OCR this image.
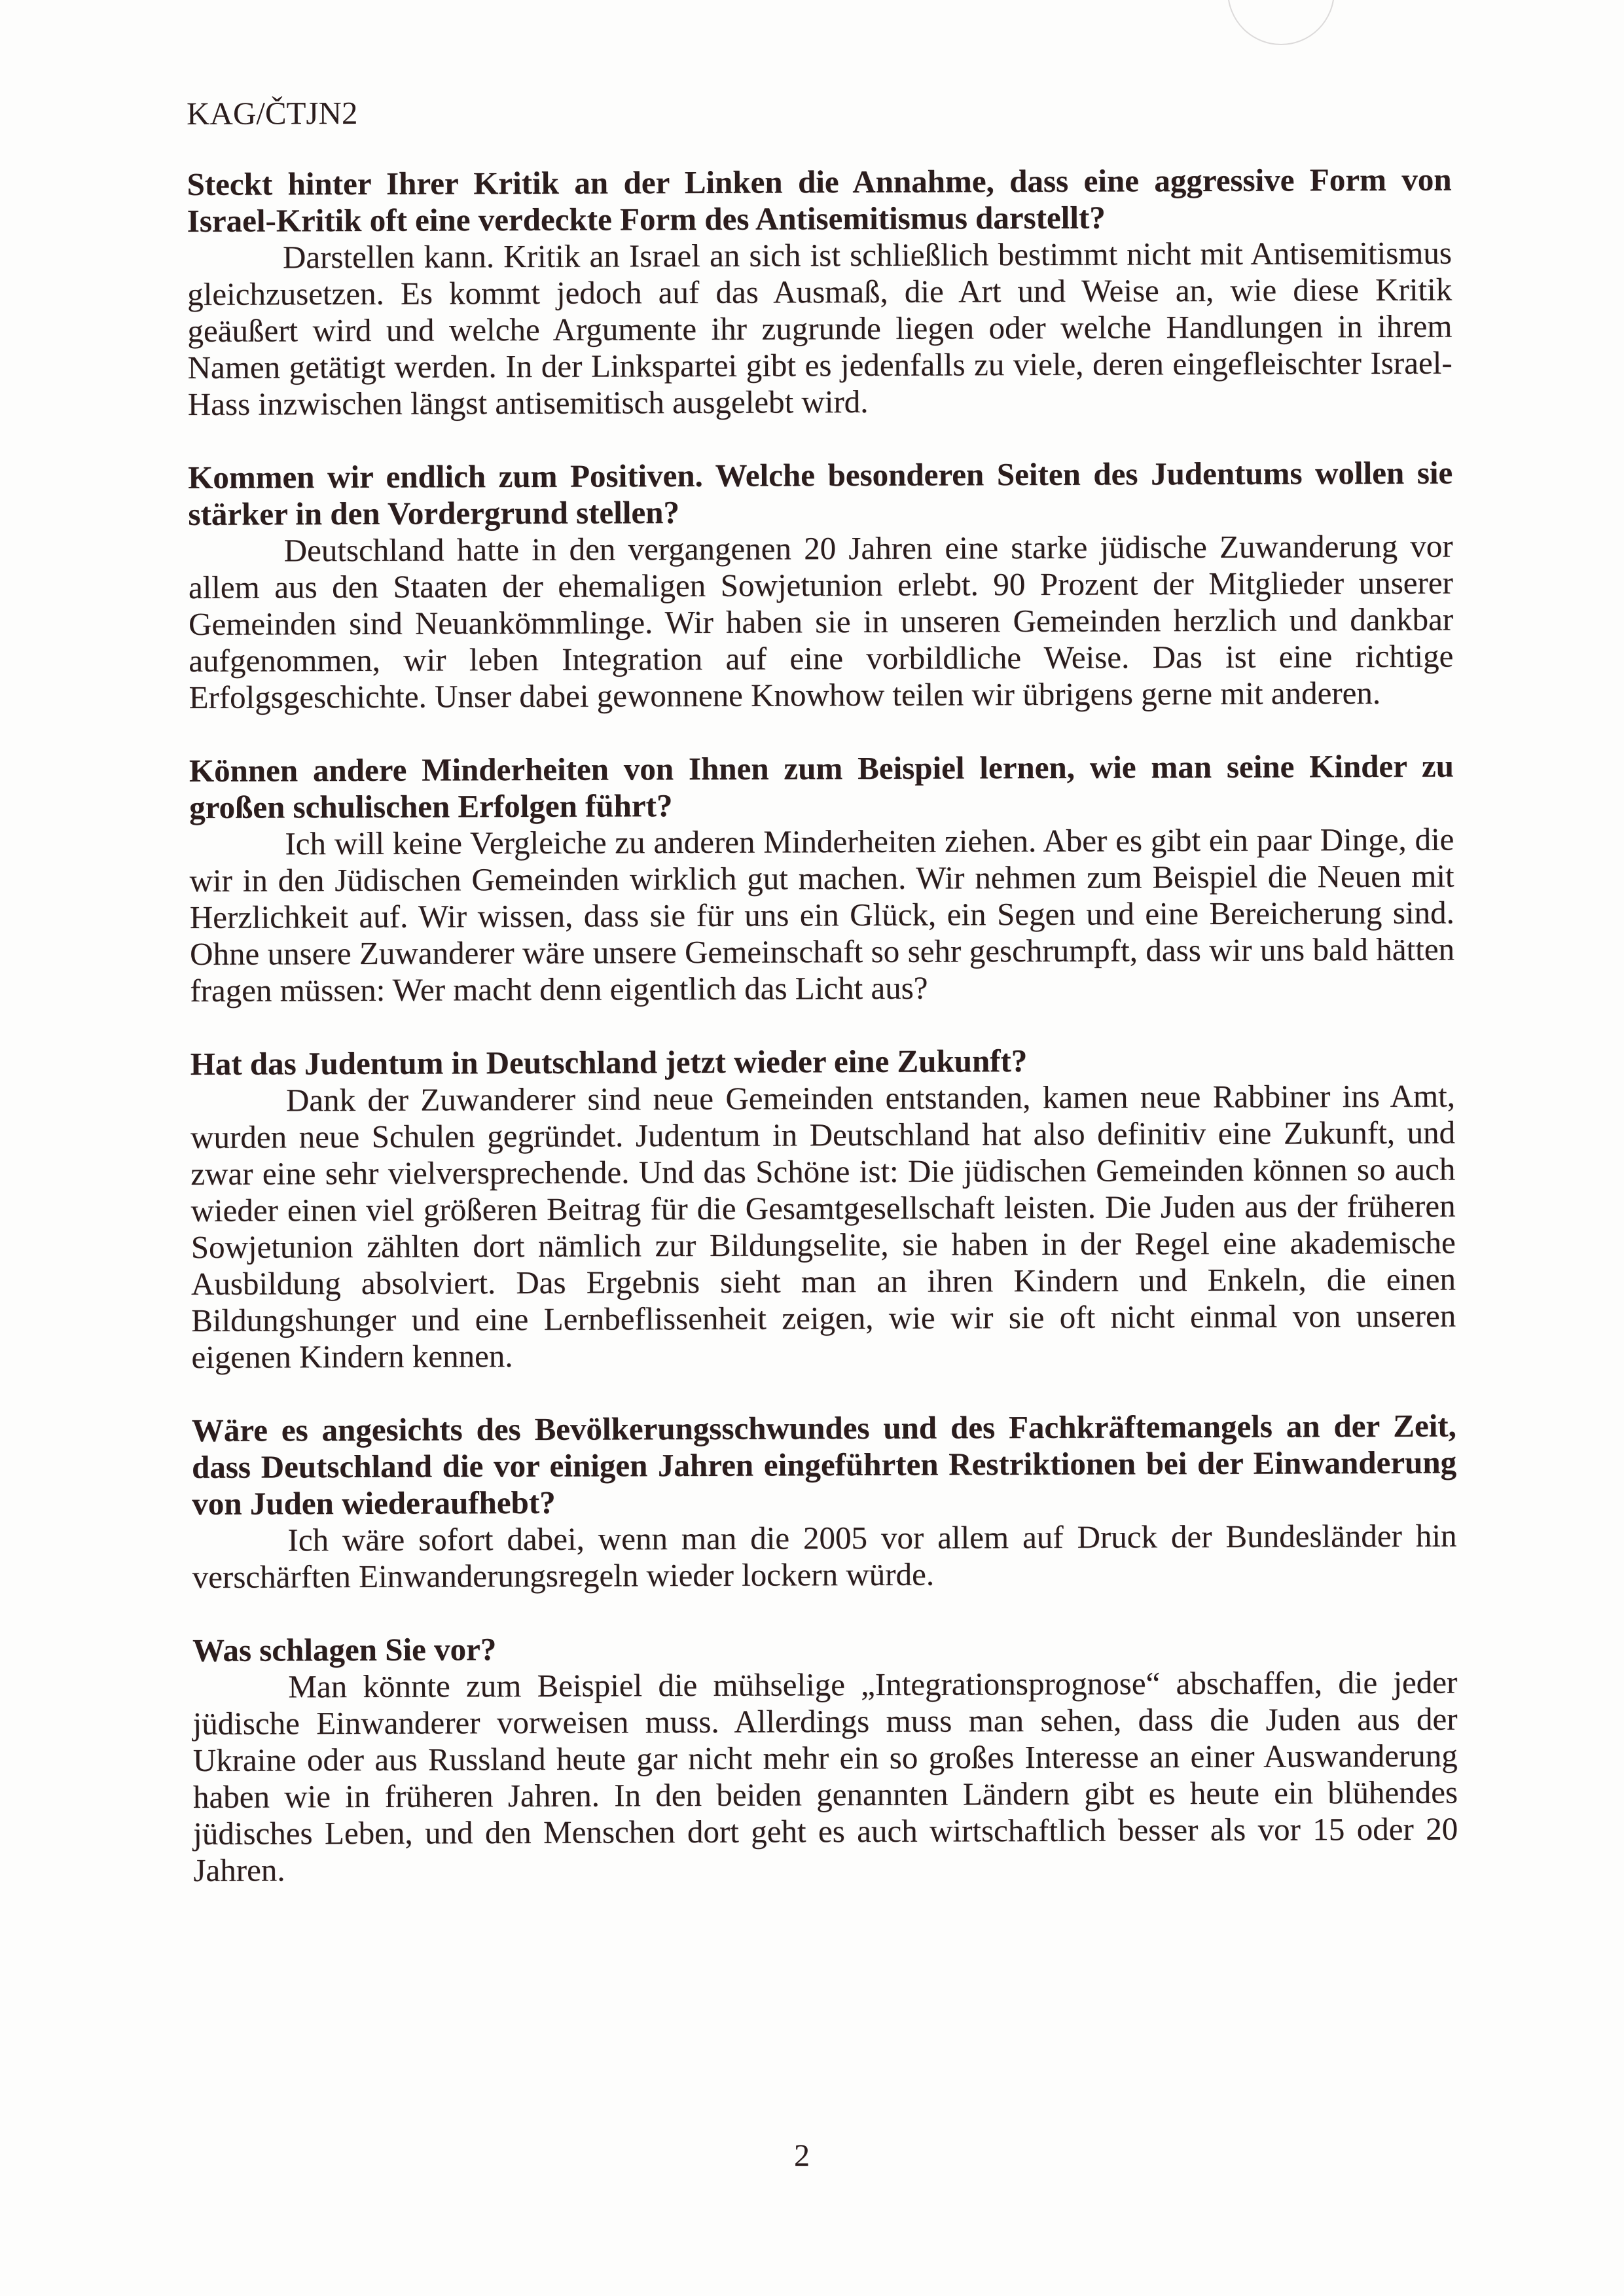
KAG/ČTJN2

Steckt hinter Ihrer Kritik an der Linken die Annahme, dass eine aggressive Form von Israel-Kritik oft eine verdeckte Form des Antisemitismus darstellt?

Darstellen kann. Kritik an Israel an sich ist schließlich bestimmt nicht mit Antisemitismus gleichzusetzen. Es kommt jedoch auf das Ausmaß, die Art und Weise an, wie diese Kritik geäußert wird und welche Argumente ihr zugrunde liegen oder welche Handlungen in ihrem Namen getätigt werden. In der Linkspartei gibt es jedenfalls zu viele, deren eingefleischter Israel-Hass inzwischen längst antisemitisch ausgelebt wird.

Kommen wir endlich zum Positiven. Welche besonderen Seiten des Judentums wollen sie stärker in den Vordergrund stellen?

Deutschland hatte in den vergangenen 20 Jahren eine starke jüdische Zuwanderung vor allem aus den Staaten der ehemaligen Sowjetunion erlebt. 90 Prozent der Mitglieder unserer Gemeinden sind Neuankömmlinge. Wir haben sie in unseren Gemeinden herzlich und dankbar aufgenommen, wir leben Integration auf eine vorbildliche Weise. Das ist eine richtige Erfolgsgeschichte. Unser dabei gewonnene Knowhow teilen wir übrigens gerne mit anderen.

Können andere Minderheiten von Ihnen zum Beispiel lernen, wie man seine Kinder zu großen schulischen Erfolgen führt?

Ich will keine Vergleiche zu anderen Minderheiten ziehen. Aber es gibt ein paar Dinge, die wir in den Jüdischen Gemeinden wirklich gut machen. Wir nehmen zum Beispiel die Neuen mit Herzlichkeit auf. Wir wissen, dass sie für uns ein Glück, ein Segen und eine Bereicherung sind. Ohne unsere Zuwanderer wäre unsere Gemeinschaft so sehr geschrumpft, dass wir uns bald hätten fragen müssen: Wer macht denn eigentlich das Licht aus?

Hat das Judentum in Deutschland jetzt wieder eine Zukunft?

Dank der Zuwanderer sind neue Gemeinden entstanden, kamen neue Rabbiner ins Amt, wurden neue Schulen gegründet. Judentum in Deutschland hat also definitiv eine Zukunft, und zwar eine sehr vielversprechende. Und das Schöne ist: Die jüdischen Gemeinden können so auch wieder einen viel größeren Beitrag für die Gesamtgesellschaft leisten. Die Juden aus der früheren Sowjetunion zählten dort nämlich zur Bildungselite, sie haben in der Regel eine akademische Ausbildung absolviert. Das Ergebnis sieht man an ihren Kindern und Enkeln, die einen Bildungshunger und eine Lernbeflissenheit zeigen, wie wir sie oft nicht einmal von unseren eigenen Kindern kennen.

Wäre es angesichts des Bevölkerungsschwundes und des Fachkräftemangels an der Zeit, dass Deutschland die vor einigen Jahren eingeführten Restriktionen bei der Einwanderung von Juden wiederaufhebt?

Ich wäre sofort dabei, wenn man die 2005 vor allem auf Druck der Bundesländer hin verschärften Einwanderungsregeln wieder lockern würde.

Was schlagen Sie vor?

Man könnte zum Beispiel die mühselige „Integrationsprognose“ abschaffen, die jeder jüdische Einwanderer vorweisen muss. Allerdings muss man sehen, dass die Juden aus der Ukraine oder aus Russland heute gar nicht mehr ein so großes Interesse an einer Auswanderung haben wie in früheren Jahren. In den beiden genannten Ländern gibt es heute ein blühendes jüdisches Leben, und den Menschen dort geht es auch wirtschaftlich besser als vor 15 oder 20 Jahren.

2
